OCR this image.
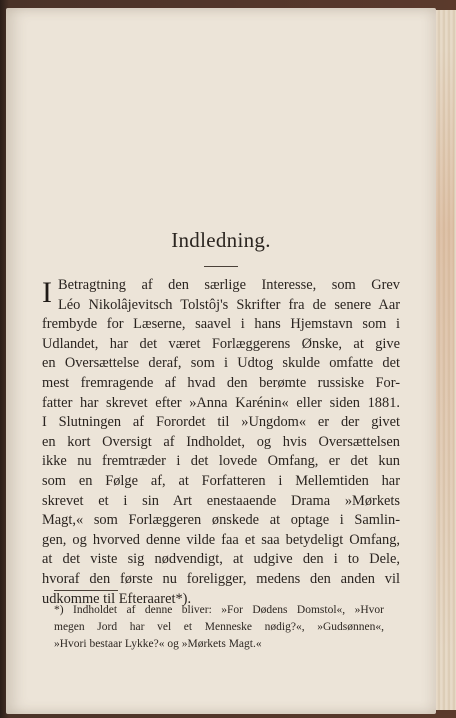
Indledning.
I Betragtning af den særlige Interesse, som Grev
Léo Nikolâjevitsch Tolstôj's Skrifter fra de senere Aar
frembyde for Læserne, saavel i hans Hjemstavn som i
Udlandet, har det været Forlæggerens Ønske, at give
en Oversættelse deraf, som i Udtog skulde omfatte det
mest fremragende af hvad den berømte russiske For-
fatter har skrevet efter »Anna Karénin« eller siden 1881.
I Slutningen af Forordet til »Ungdom« er der givet
en kort Oversigt af Indholdet, og hvis Oversættelsen
ikke nu fremtræder i det lovede Omfang, er det kun
som en Følge af, at Forfatteren i Mellemtiden har
skrevet et i sin Art enestaaende Drama »Mørkets
Magt,« som Forlæggeren ønskede at optage i Samlin-
gen, og hvorved denne vilde faa et saa betydeligt Omfang,
at det viste sig nødvendigt, at udgive den i to Dele,
hvoraf den første nu foreligger, medens den anden vil
udkomme til Efteraaret*).
*) Indholdet af denne bliver: »For Dødens Domstol«, »Hvor
megen Jord har vel et Menneske nødig?«, »Gudsønnen«,
»Hvori bestaar Lykke?« og »Mørkets Magt.«
